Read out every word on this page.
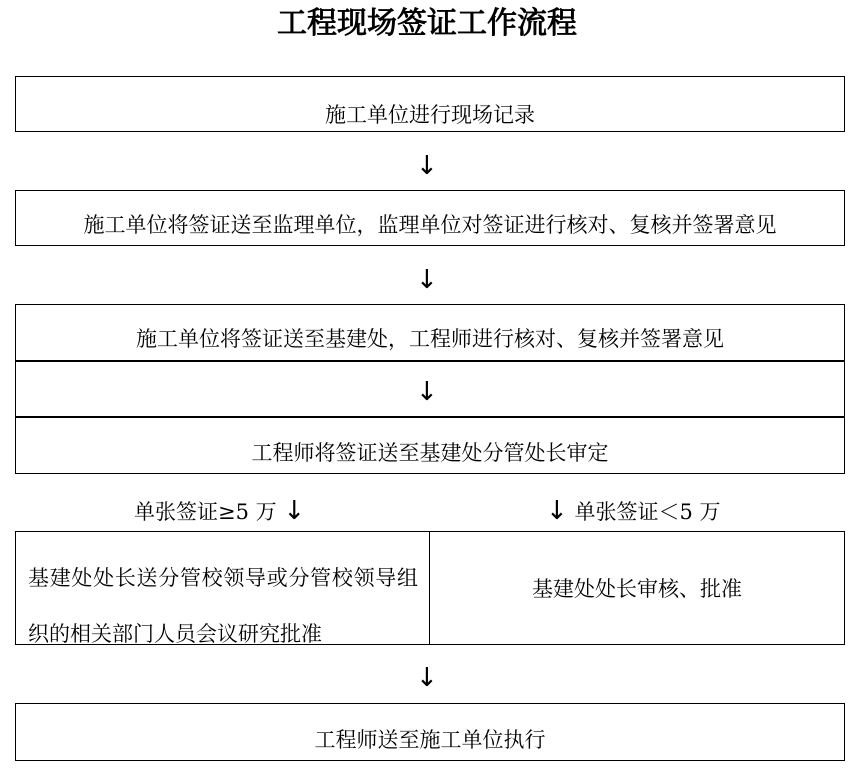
工程现场签证工作流程
施工单位进行现场记录
↓
施工单位将签证送至监理单位，监理单位对签证进行核对、复核并签署意见
↓
施工单位将签证送至基建处，工程师进行核对、复核并签署意见
↓
工程师将签证送至基建处分管处长审定
单张签证≥5 万 ↓	↓ 单张签证＜5 万
基建处处长送分管校领导或分管校领导组织的相关部门人员会议研究批准
基建处处长审核、批准
↓
工程师送至施工单位执行
